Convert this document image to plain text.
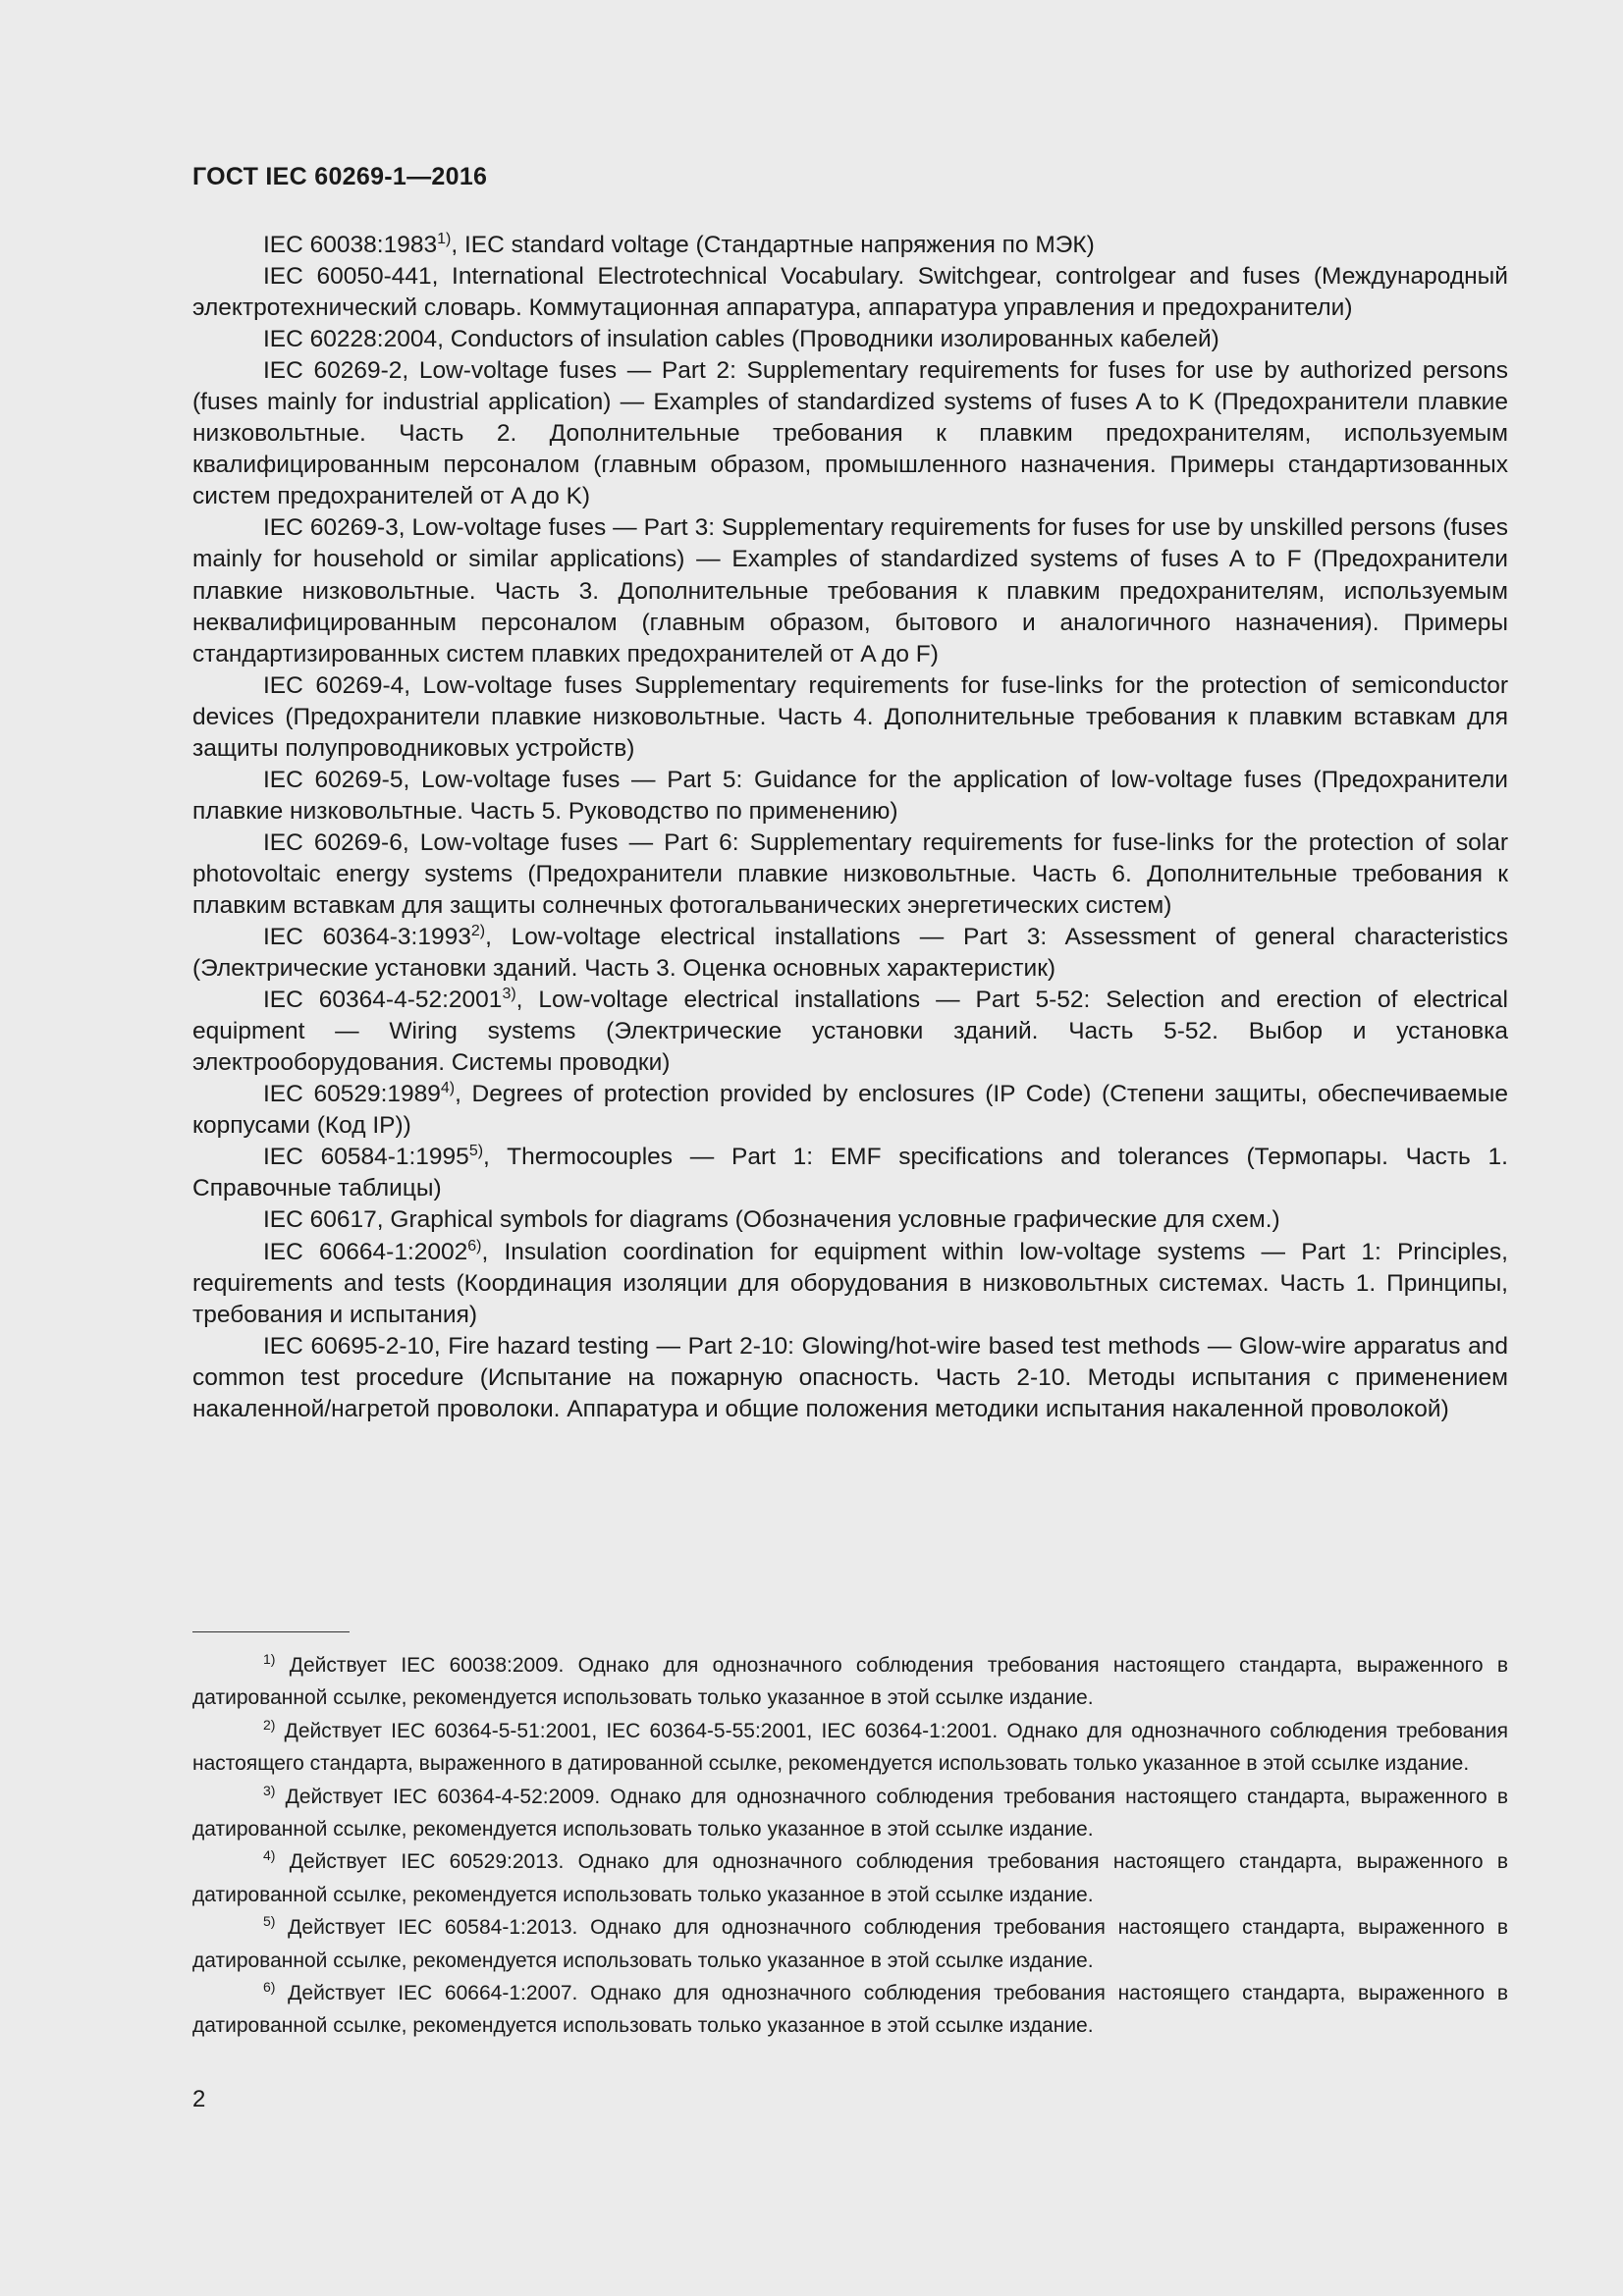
ГОСТ IEC 60269-1—2016

IEC 60038:1983$^{1)}$, IEC standard voltage (Стандартные напряжения по МЭК)

IEC 60050-441, International Electrotechnical Vocabulary. Switchgear, controlgear and fuses (Международный электротехнический словарь. Коммутационная аппаратура, аппаратура управления и предохранители)

IEC 60228:2004, Conductors of insulation cables (Проводники изолированных кабелей)

IEC 60269-2, Low-voltage fuses — Part 2: Supplementary requirements for fuses for use by authorized persons (fuses mainly for industrial application) — Examples of standardized systems of fuses A to K (Предохранители плавкие низковольтные. Часть 2. Дополнительные требования к плавким предохранителям, используемым квалифицированным персоналом (главным образом, промышленного назначения. Примеры стандартизованных систем предохранителей от A до K)

IEC 60269-3, Low-voltage fuses — Part 3: Supplementary requirements for fuses for use by unskilled persons (fuses mainly for household or similar applications) — Examples of standardized systems of fuses A to F (Предохранители плавкие низковольтные. Часть 3. Дополнительные требования к плавким предохранителям, используемым неквалифицированным персоналом (главным образом, бытового и аналогичного назначения). Примеры стандартизированных систем плавких предохранителей от A до F)

IEC 60269-4, Low-voltage fuses Supplementary requirements for fuse-links for the protection of semiconductor devices (Предохранители плавкие низковольтные. Часть 4. Дополнительные требования к плавким вставкам для защиты полупроводниковых устройств)

IEC 60269-5, Low-voltage fuses — Part 5: Guidance for the application of low-voltage fuses (Предохранители плавкие низковольтные. Часть 5. Руководство по применению)

IEC 60269-6, Low-voltage fuses — Part 6: Supplementary requirements for fuse-links for the protection of solar photovoltaic energy systems (Предохранители плавкие низковольтные. Часть 6. Дополнительные требования к плавким вставкам для защиты солнечных фотогальванических энергетических систем)

IEC 60364-3:1993$^{2)}$, Low-voltage electrical installations — Part 3: Assessment of general characteristics (Электрические установки зданий. Часть 3. Оценка основных характеристик)

IEC 60364-4-52:2001$^{3)}$, Low-voltage electrical installations — Part 5-52: Selection and erection of electrical equipment — Wiring systems (Электрические установки зданий. Часть 5-52. Выбор и установка электрооборудования. Системы проводки)

IEC 60529:1989$^{4)}$, Degrees of protection provided by enclosures (IP Code) (Степени защиты, обеспечиваемые корпусами (Код IP))

IEC 60584-1:1995$^{5)}$, Thermocouples — Part 1: EMF specifications and tolerances (Термопары. Часть 1. Справочные таблицы)

IEC 60617, Graphical symbols for diagrams (Обозначения условные графические для схем.)

IEC 60664-1:2002$^{6)}$, Insulation coordination for equipment within low-voltage systems — Part 1: Principles, requirements and tests (Координация изоляции для оборудования в низковольтных системах. Часть 1. Принципы, требования и испытания)

IEC 60695-2-10, Fire hazard testing — Part 2-10: Glowing/hot-wire based test methods — Glow-wire apparatus and common test procedure (Испытание на пожарную опасность. Часть 2-10. Методы испытания с применением накаленной/нагретой проволоки. Аппаратура и общие положения методики испытания накаленной проволокой)

$^{1)}$ Действует IEC 60038:2009. Однако для однозначного соблюдения требования настоящего стандарта, выраженного в датированной ссылке, рекомендуется использовать только указанное в этой ссылке издание.

$^{2)}$ Действует IEC 60364-5-51:2001, IEC 60364-5-55:2001, IEC 60364-1:2001. Однако для однозначного соблюдения требования настоящего стандарта, выраженного в датированной ссылке, рекомендуется использовать только указанное в этой ссылке издание.

$^{3)}$ Действует IEC 60364-4-52:2009. Однако для однозначного соблюдения требования настоящего стандарта, выраженного в датированной ссылке, рекомендуется использовать только указанное в этой ссылке издание.

$^{4)}$ Действует IEC 60529:2013. Однако для однозначного соблюдения требования настоящего стандарта, выраженного в датированной ссылке, рекомендуется использовать только указанное в этой ссылке издание.

$^{5)}$ Действует IEC 60584-1:2013. Однако для однозначного соблюдения требования настоящего стандарта, выраженного в датированной ссылке, рекомендуется использовать только указанное в этой ссылке издание.

$^{6)}$ Действует IEC 60664-1:2007. Однако для однозначного соблюдения требования настоящего стандарта, выраженного в датированной ссылке, рекомендуется использовать только указанное в этой ссылке издание.

2
